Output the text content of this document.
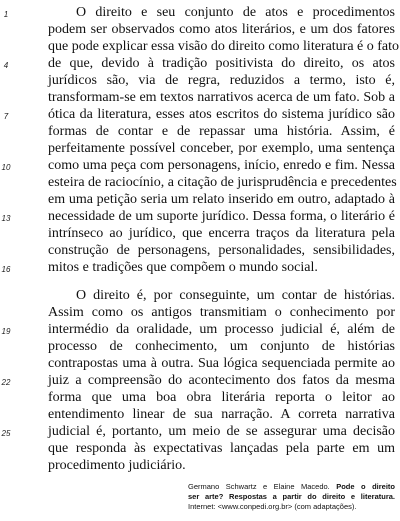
1
4
7
10
13
16
19
22
25
O direito e seu conjunto de atos e procedimentos
podem ser observados como atos literários, e um dos fatores
que pode explicar essa visão do direito como literatura é o fato
de que, devido à tradição positivista do direito, os atos
jurídicos são, via de regra, reduzidos a termo, isto é,
transformam-se em textos narrativos acerca de um fato. Sob a
ótica da literatura, esses atos escritos do sistema jurídico são
formas de contar e de repassar uma história. Assim, é
perfeitamente possível conceber, por exemplo, uma sentença
como uma peça com personagens, início, enredo e fim. Nessa
esteira de raciocínio, a citação de jurisprudência e precedentes
em uma petição seria um relato inserido em outro, adaptado à
necessidade de um suporte jurídico. Dessa forma, o literário é
intrínseco ao jurídico, que encerra traços da literatura pela
construção de personagens, personalidades, sensibilidades,
mitos e tradições que compõem o mundo social.
O direito é, por conseguinte, um contar de histórias.
Assim como os antigos transmitiam o conhecimento por
intermédio da oralidade, um processo judicial é, além de
processo de conhecimento, um conjunto de histórias
contrapostas uma à outra. Sua lógica sequenciada permite ao
juiz a compreensão do acontecimento dos fatos da mesma
forma que uma boa obra literária reporta o leitor ao
entendimento linear de sua narração. A correta narrativa
judicial é, portanto, um meio de se assegurar uma decisão
que responda às expectativas lançadas pela parte em um
procedimento judiciário.
Germano Schwartz e Elaine Macedo. Pode o direito
ser arte? Respostas a partir do direito e literatura.
Internet: <www.conpedi.org.br> (com adaptações).
